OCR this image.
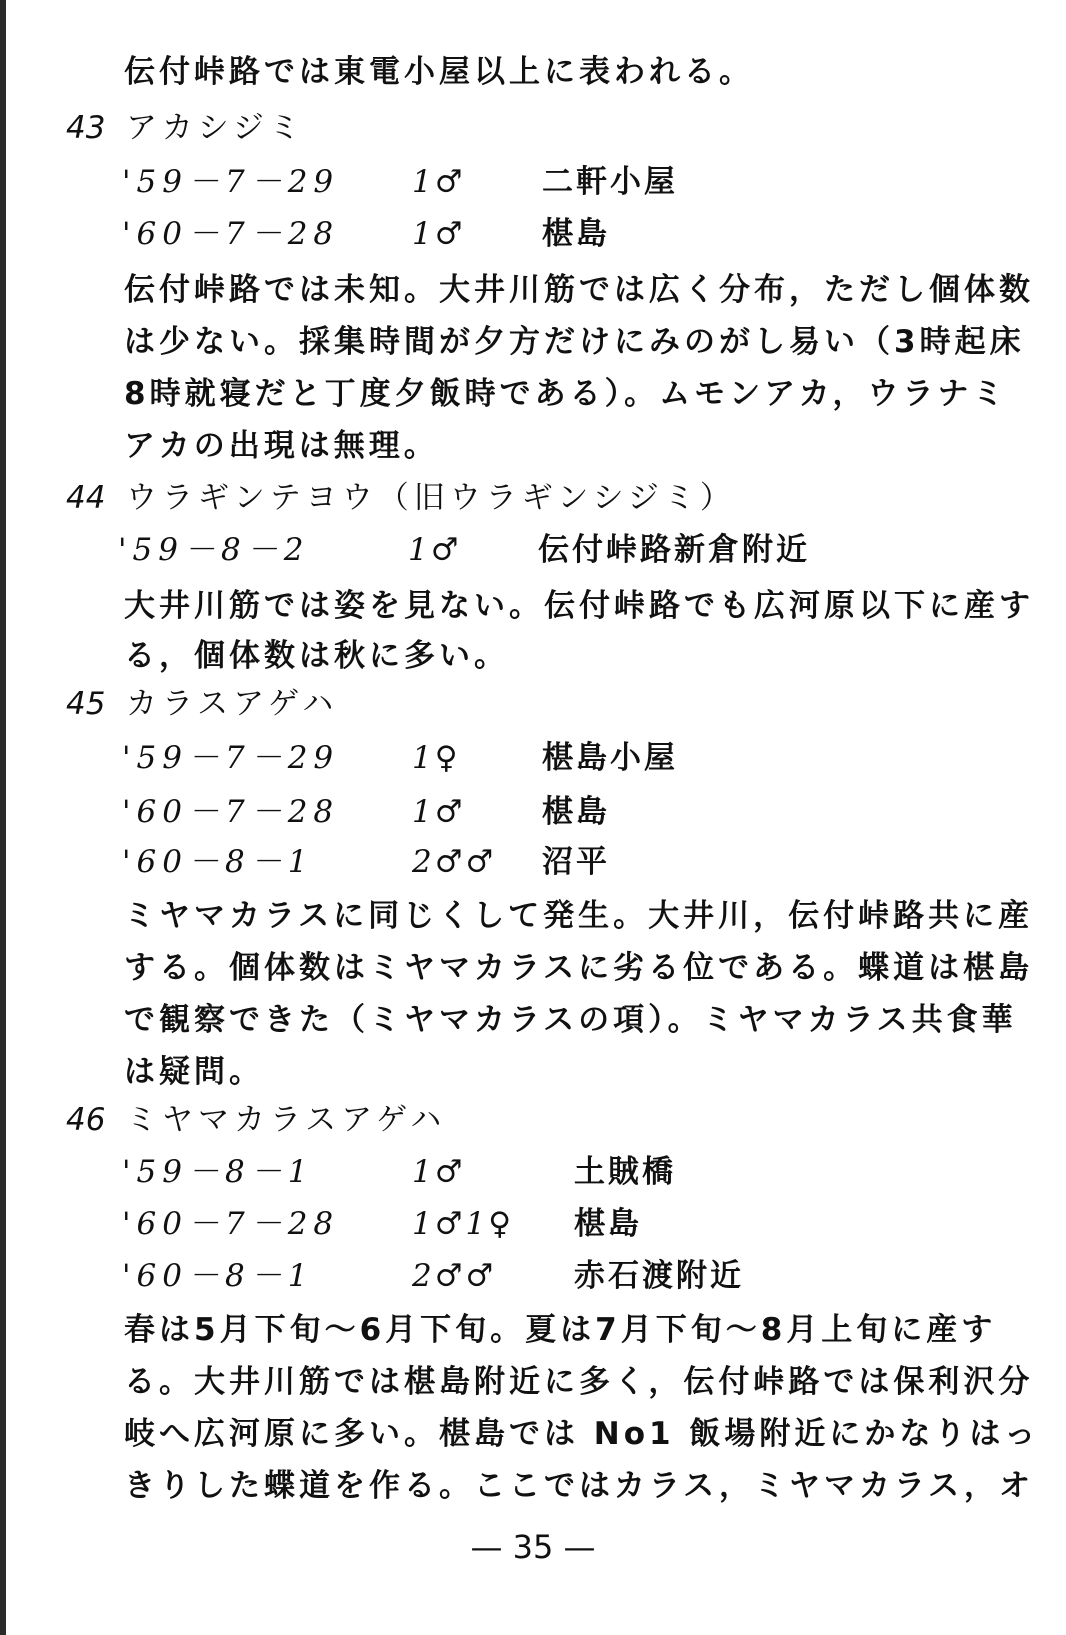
伝付峠路では東電小屋以上に表われる。
43 アカシジミ
'59－7－29 1♂ 二軒小屋
'60－7－28 1♂ 椹島
伝付峠路では未知。大井川筋では広く分布，ただし個体数
は少ない。採集時間が夕方だけにみのがし易い（3時起床
8時就寝だと丁度夕飯時である）。ムモンアカ，ウラナミ
アカの出現は無理。
44 ウラギンテヨウ（旧ウラギンシジミ）
'59－8－2	1♂ 伝付峠路新倉附近
大井川筋では姿を見ない。伝付峠路でも広河原以下に産す
る，個体数は秋に多い。
45 カラスアゲハ
'59－7－29 1♀	椹島小屋
'60－7－28 1♂ 椹島
'60－8－1	2♂♂ 沼平
ミヤマカラスに同じくして発生。大井川，伝付峠路共に産
する。個体数はミヤマカラスに劣る位である。蝶道は椹島
で観察できた（ミヤマカラスの項）。ミヤマカラス共食華
は疑問。
46 ミヤマカラスアゲハ
'59－8－1	1♂	土賊橋
'60－7－28 1♂1♀ 椹島
'60－8－1	2♂♂	赤石渡附近
春は5月下旬〜6月下旬。夏は7月下旬〜8月上旬に産す
る。大井川筋では椹島附近に多く，伝付峠路では保利沢分
岐へ広河原に多い。椹島では No1 飯場附近にかなりはっ
きりした蝶道を作る。ここではカラス，ミヤマカラス，オ
— 35 —
